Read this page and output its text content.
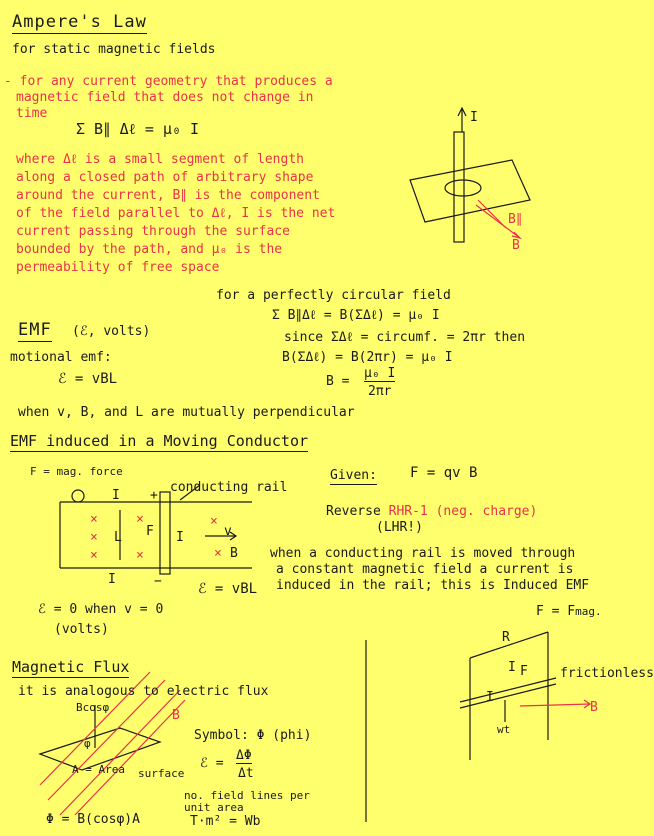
Ampere's Law
for static magnetic fields
- for any current geometry that produces a
magnetic field that does not change in
time
Σ B∥ Δℓ = μ₀ I
where Δℓ is a small segment of length
along a closed path of arbitrary shape
around the current, B∥ is the component
of the field parallel to Δℓ, I is the net
current passing through the surface
bounded by the path, and μ₀ is the
permeability of free space
I
B∥
B
for a perfectly circular field
Σ B∥Δℓ = B(ΣΔℓ) = μ₀ I
since ΣΔℓ = circumf. = 2πr then
B(ΣΔℓ) = B(2πr) = μ₀ I
B =
μ₀ I
2πr
EMF (ℰ, volts)
motional emf:
ℰ = vBL
when v, B, and L are mutually perpendicular
EMF induced in a Moving Conductor
F = mag. force
conducting rail
+
−
I
I
I
F
L	v
B
×
×
×
×
×
×
×
ℰ = vBL
ℰ = 0 when v = 0
(volts)
Given: F = qv B
Reverse RHR-1 (neg. charge)
(LHR!)
when a conducting rail is moved through
a constant magnetic field a current is
induced in the rail; this is Induced EMF
F = Fmag.
R
I F
I
frictionless
B
wt
Magnetic Flux
it is analogous to electric flux
Bcosφ
φ
B
A = Area surface
Symbol: Φ (phi)
ℰ =
ΔΦ
Δt
no. field lines per
unit area
Φ = B(cosφ)A	T·m² = Wb
